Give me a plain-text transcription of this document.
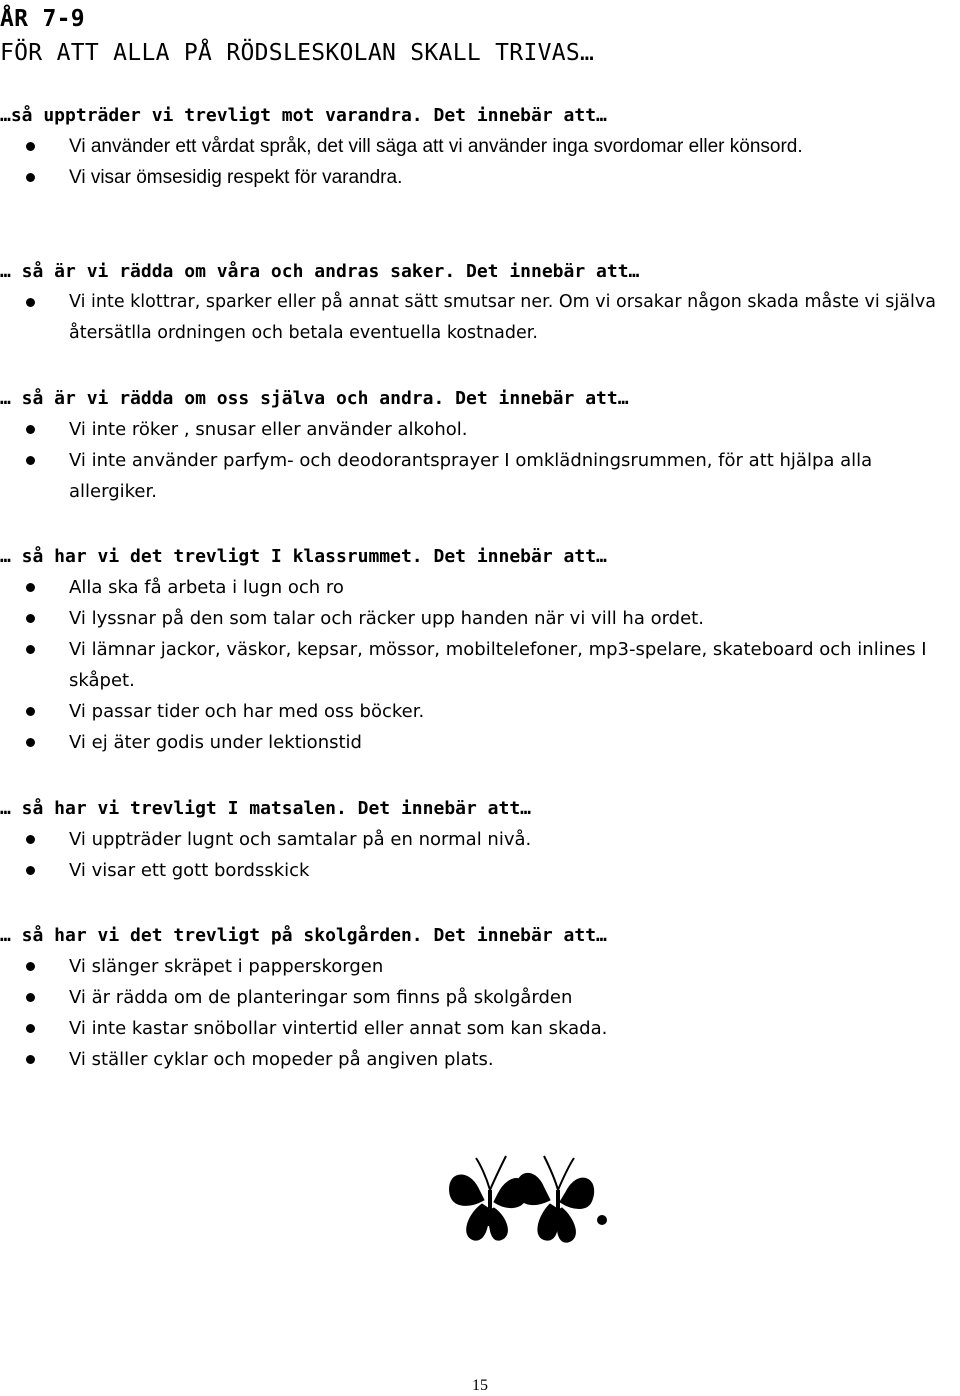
ÅR 7-9
FÖR ATT ALLA PÅ RÖDSLESKOLAN SKALL TRIVAS…

…så uppträder vi trevligt mot varandra. Det innebär att…

Vi använder ett vårdat språk, det vill säga att vi använder inga svordomar eller könsord.
Vi visar ömsesidig respekt för varandra.

… så är vi rädda om våra och andras saker. Det innebär att…

Vi inte klottrar, sparker eller på annat sätt smutsar ner. Om vi orsakar någon skada måste vi själva återsätlla ordningen och betala eventuella kostnader.

… så är vi rädda om oss själva och andra. Det innebär att…

Vi inte röker , snusar eller använder alkohol.
Vi inte använder parfym- och deodorantsprayer I omklädningsrummen, för att hjälpa alla allergiker.

… så har vi det trevligt I klassrummet. Det innebär att…

Alla ska få arbeta i lugn och ro
Vi lyssnar på den som talar och räcker upp handen när vi vill ha ordet.
Vi lämnar jackor, väskor, kepsar, mössor, mobiltelefoner, mp3-spelare, skateboard och inlines I skåpet.
Vi passar tider och har med oss böcker.
Vi ej äter godis under lektionstid

… så har vi trevligt I matsalen. Det innebär att…

Vi uppträder lugnt och samtalar på en normal nivå.
Vi visar ett gott bordsskick

… så har vi det trevligt på skolgården. Det innebär att…

Vi slänger skräpet i papperskorgen
Vi är rädda om de planteringar som finns på skolgården
Vi inte kastar snöbollar vintertid eller annat som kan skada.
Vi ställer cyklar och mopeder på angiven plats.
15
